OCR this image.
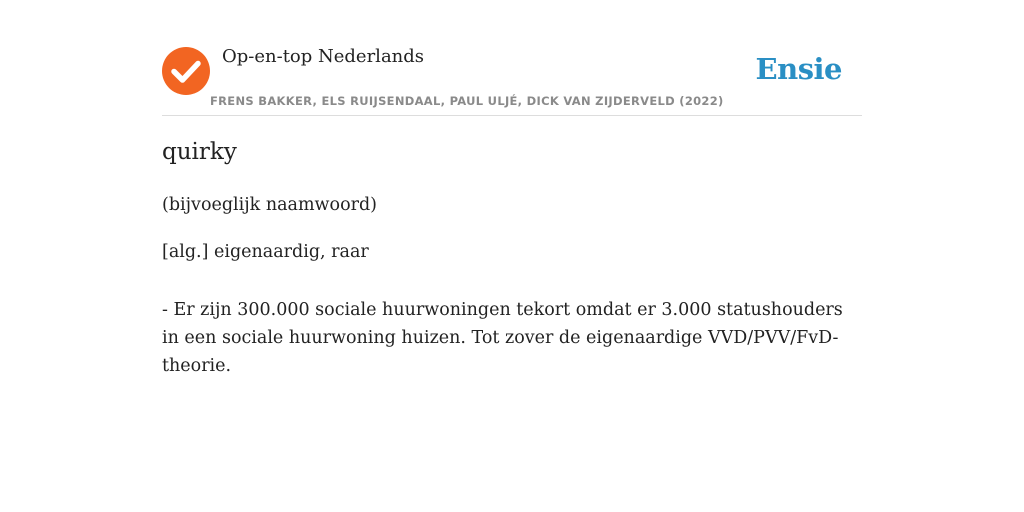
Op-en-top Nederlands
FRENS BAKKER, ELS RUIJSENDAAL, PAUL ULJÉ, DICK VAN ZIJDERVELD (2022)
Ensie
quirky
(bijvoeglijk naamwoord)
[alg.] eigenaardig, raar
- Er zijn 300.000 sociale huurwoningen tekort omdat er 3.000 statushouders in een sociale huurwoning huizen. Tot zover de eigenaardige VVD/PVV/FvD-theorie.
